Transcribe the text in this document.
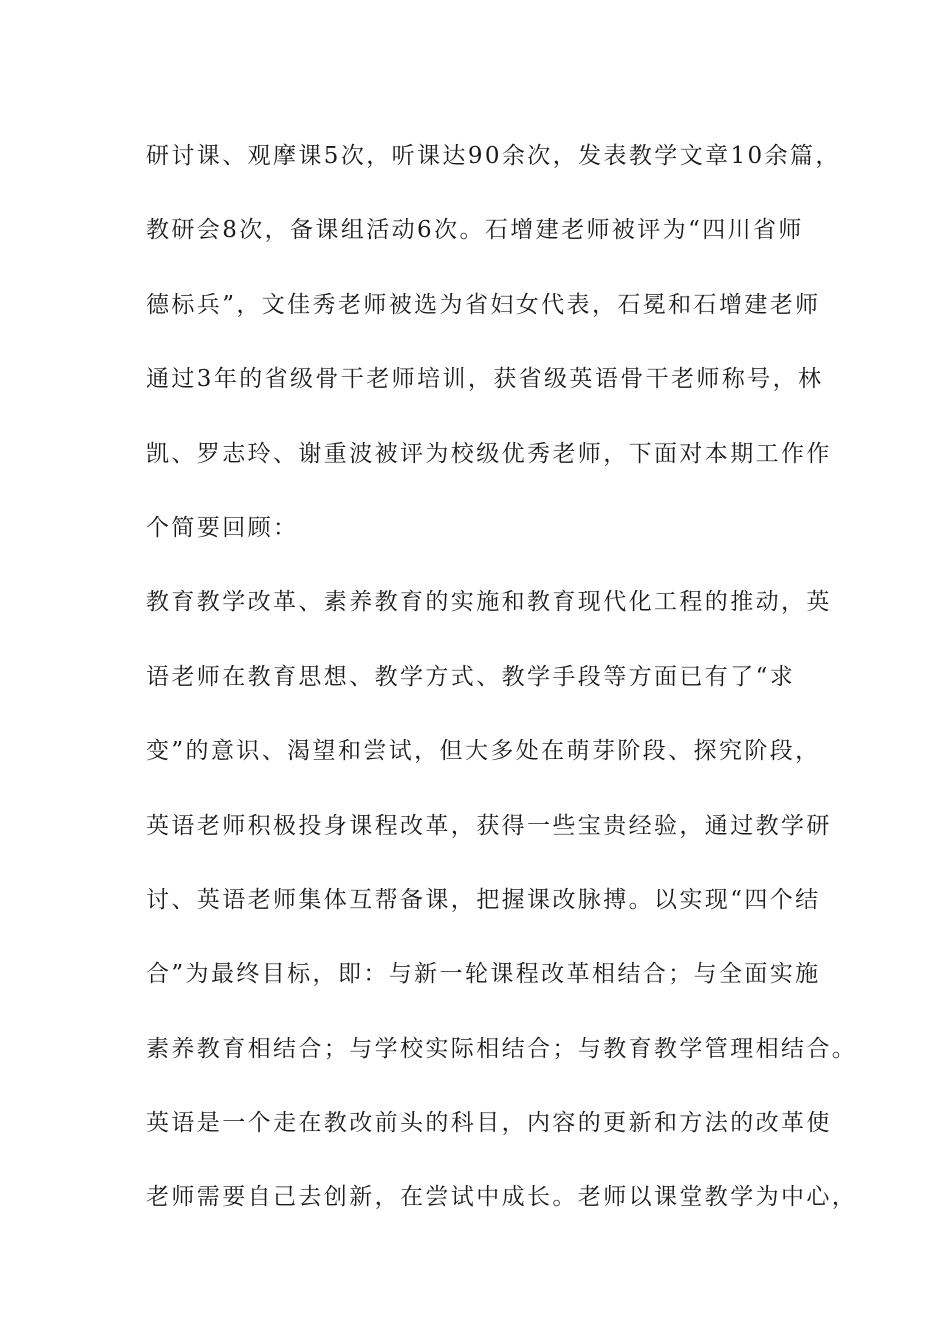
研讨课、观摩课5次，听课达90余次，发表教学文章10余篇，
教研会8次，备课组活动6次。石增建老师被评为“四川省师
德标兵”，文佳秀老师被选为省妇女代表，石冕和石增建老师
通过3年的省级骨干老师培训，获省级英语骨干老师称号，林
凯、罗志玲、谢重波被评为校级优秀老师，下面对本期工作作
个简要回顾：
教育教学改革、素养教育的实施和教育现代化工程的推动，英
语老师在教育思想、教学方式、教学手段等方面已有了“求
变”的意识、渴望和尝试，但大多处在萌芽阶段、探究阶段，
英语老师积极投身课程改革，获得一些宝贵经验，通过教学研
讨、英语老师集体互帮备课，把握课改脉搏。以实现“四个结
合”为最终目标，即：与新一轮课程改革相结合；与全面实施
素养教育相结合；与学校实际相结合；与教育教学管理相结合。
英语是一个走在教改前头的科目，内容的更新和方法的改革使
老师需要自己去创新，在尝试中成长。老师以课堂教学为中心，
